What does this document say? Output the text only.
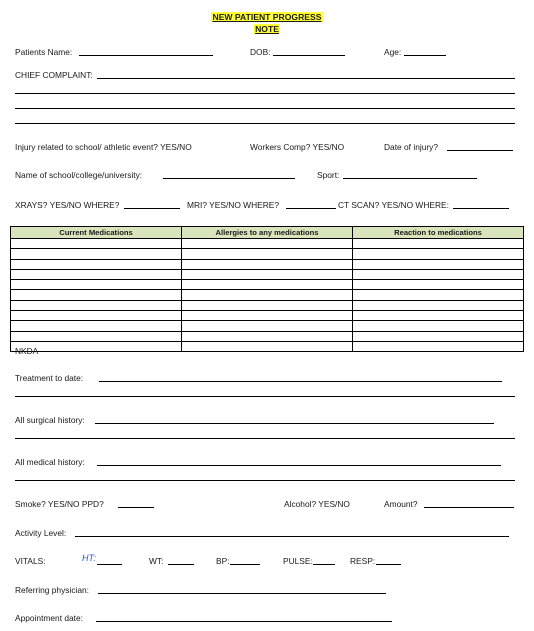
NEW PATIENT PROGRESS
NOTE
Patients Name:	DOB:	Age:
CHIEF COMPLAINT:
Injury related to school/ athletic event? YES/NO	Workers Comp? YES/NO	Date of injury?
Name of school/college/university:	Sport:
XRAYS? YES/NO WHERE?	MRI? YES/NO WHERE?	CT SCAN? YES/NO WHERE:
Current Medications	Allergies to any medications	Reaction to medications

NKDA
Treatment to date:
All surgical history:
All medical history:
Smoke? YES/NO PPD?	Alcohol? YES/NO	Amount?
Activity Level:
VITALS:	HT:	WT:	BP:	PULSE:	RESP:
Referring physician:
Appointment date:
